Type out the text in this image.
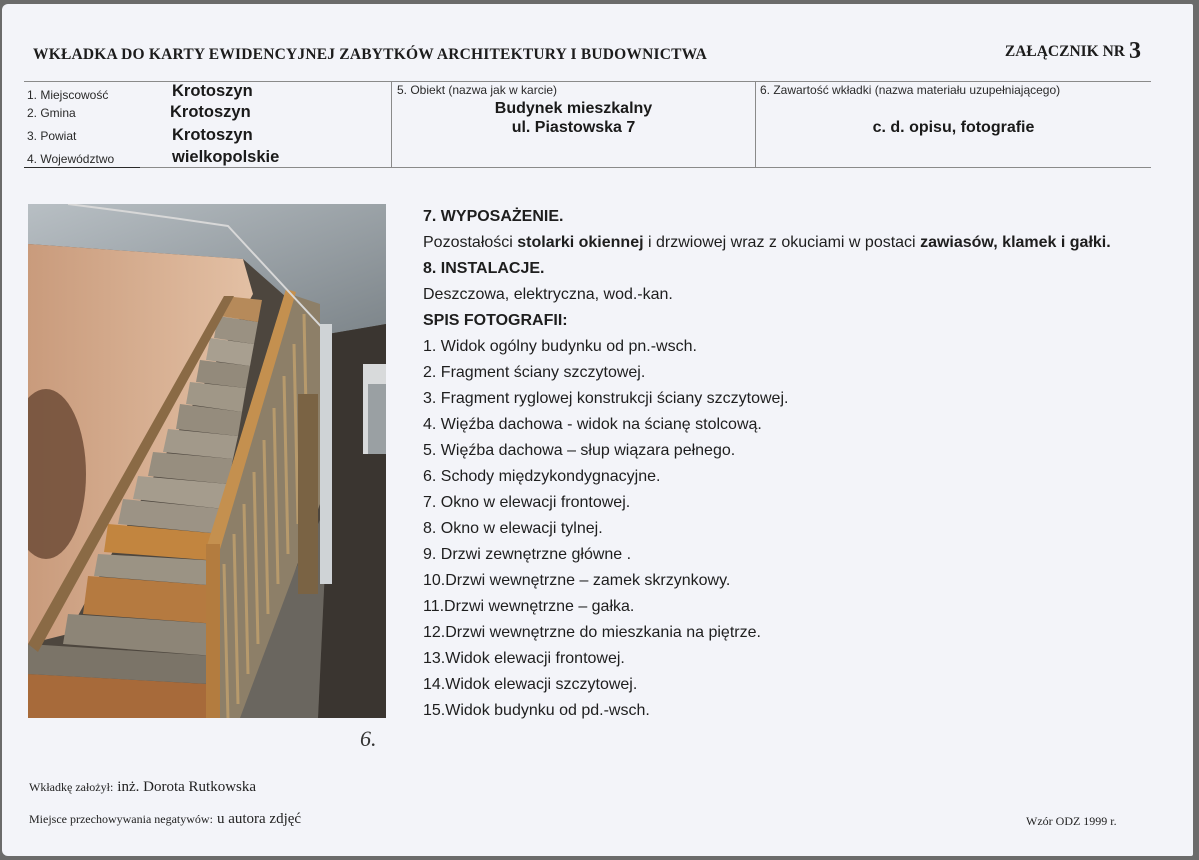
WKŁADKA DO KARTY EWIDENCYJNEJ ZABYTKÓW ARCHITEKTURY I BUDOWNICTWA	ZAŁĄCZNIK NR 3
1. Miejscowość	Krotoszyn
2. Gmina	Krotoszyn
3. Powiat	Krotoszyn
4. Województwo	wielkopolskie
5. Obiekt (nazwa jak w karcie)
Budynek mieszkalny
ul. Piastowska 7
6. Zawartość wkładki (nazwa materiału uzupełniającego)
c. d. opisu, fotografie
6.

7. WYPOSAŻENIE.

Pozostałości stolarki okiennej i drzwiowej wraz z okuciami w postaci zawiasów, klamek i gałki.

8. INSTALACJE.

Deszczowa, elektryczna, wod.-kan.

SPIS FOTOGRAFII:

1. Widok ogólny budynku od pn.-wsch.
2. Fragment ściany szczytowej.
3. Fragment ryglowej konstrukcji ściany szczytowej.
4. Więźba dachowa - widok na ścianę stolcową.
5. Więźba dachowa – słup wiązara pełnego.
6. Schody międzykondygnacyjne.
7. Okno w elewacji frontowej.
8. Okno w elewacji tylnej.
9. Drzwi zewnętrzne główne .
10.Drzwi wewnętrzne – zamek skrzynkowy.
11.Drzwi wewnętrzne – gałka.
12.Drzwi wewnętrzne do mieszkania na piętrze.
13.Widok elewacji frontowej.
14.Widok elewacji szczytowej.
15.Widok budynku od pd.-wsch.
Wkładkę założył: inż. Dorota Rutkowska
Miejsce przechowywania negatywów: u autora zdjęć	Wzór ODZ 1999 r.
